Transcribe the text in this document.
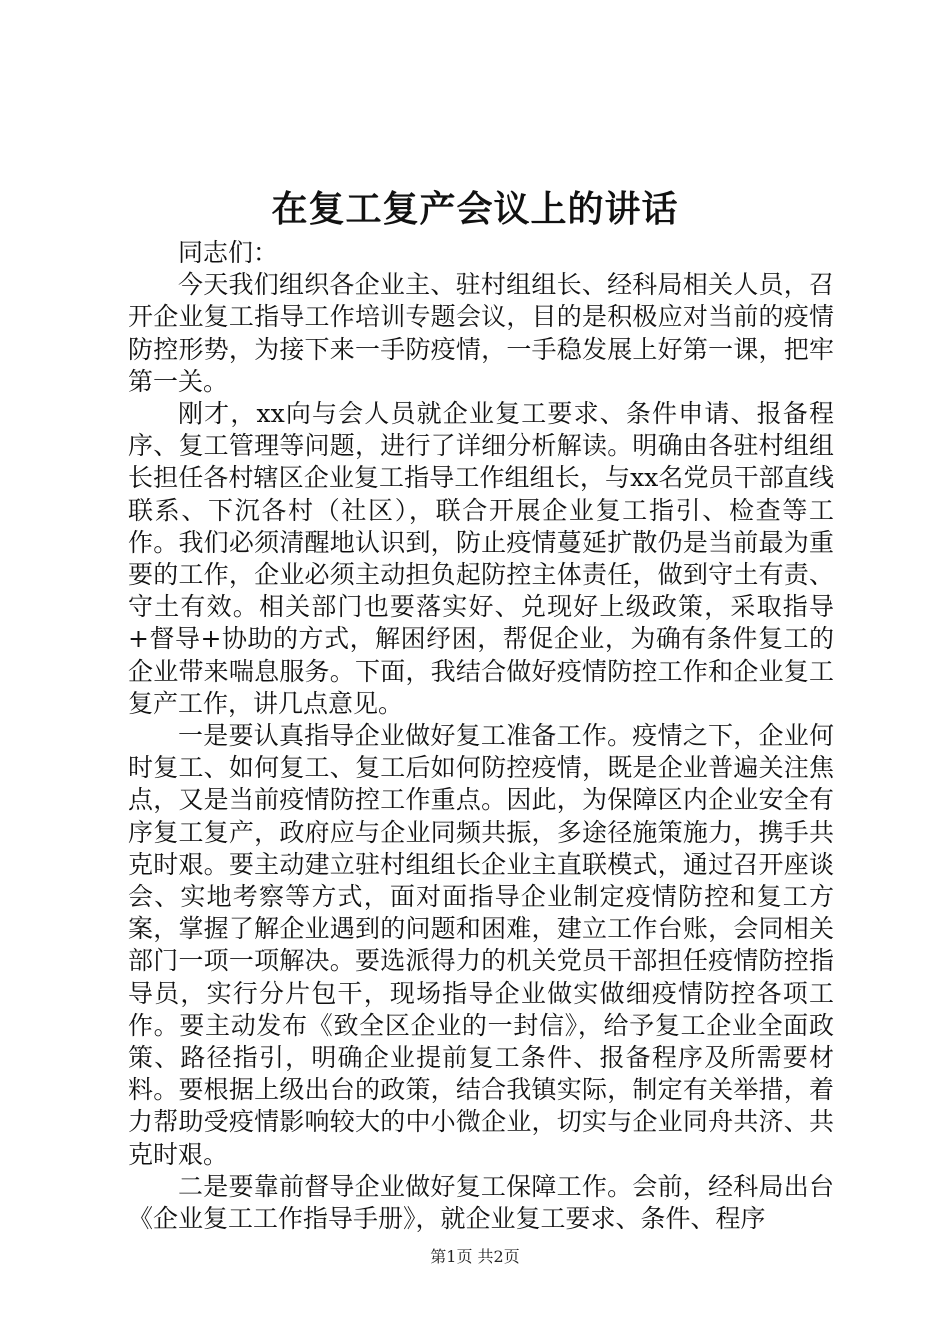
在复工复产会议上的讲话

同志们：

今天我们组织各企业主、驻村组组长、经科局相关人员，召开企业复工指导工作培训专题会议，目的是积极应对当前的疫情防控形势，为接下来一手防疫情，一手稳发展上好第一课，把牢第一关。

刚才，xx向与会人员就企业复工要求、条件申请、报备程序、复工管理等问题，进行了详细分析解读。明确由各驻村组组长担任各村辖区企业复工指导工作组组长，与xx名党员干部直线联系、下沉各村（社区），联合开展企业复工指引、检查等工作。我们必须清醒地认识到，防止疫情蔓延扩散仍是当前最为重要的工作，企业必须主动担负起防控主体责任，做到守土有责、守土有效。相关部门也要落实好、兑现好上级政策，采取指导+督导+协助的方式，解困纾困，帮促企业，为确有条件复工的企业带来喘息服务。下面，我结合做好疫情防控工作和企业复工复产工作，讲几点意见。

一是要认真指导企业做好复工准备工作。疫情之下，企业何时复工、如何复工、复工后如何防控疫情，既是企业普遍关注焦点，又是当前疫情防控工作重点。因此，为保障区内企业安全有序复工复产，政府应与企业同频共振，多途径施策施力，携手共克时艰。要主动建立驻村组组长企业主直联模式，通过召开座谈会、实地考察等方式，面对面指导企业制定疫情防控和复工方案，掌握了解企业遇到的问题和困难，建立工作台账，会同相关部门一项一项解决。要选派得力的机关党员干部担任疫情防控指导员，实行分片包干，现场指导企业做实做细疫情防控各项工作。要主动发布《致全区企业的一封信》，给予复工企业全面政策、路径指引，明确企业提前复工条件、报备程序及所需要材料。要根据上级出台的政策，结合我镇实际，制定有关举措，着力帮助受疫情影响较大的中小微企业，切实与企业同舟共济、共克时艰。

二是要靠前督导企业做好复工保障工作。会前，经科局出台《企业复工工作指导手册》，就企业复工要求、条件、程序

第1页 共2页
